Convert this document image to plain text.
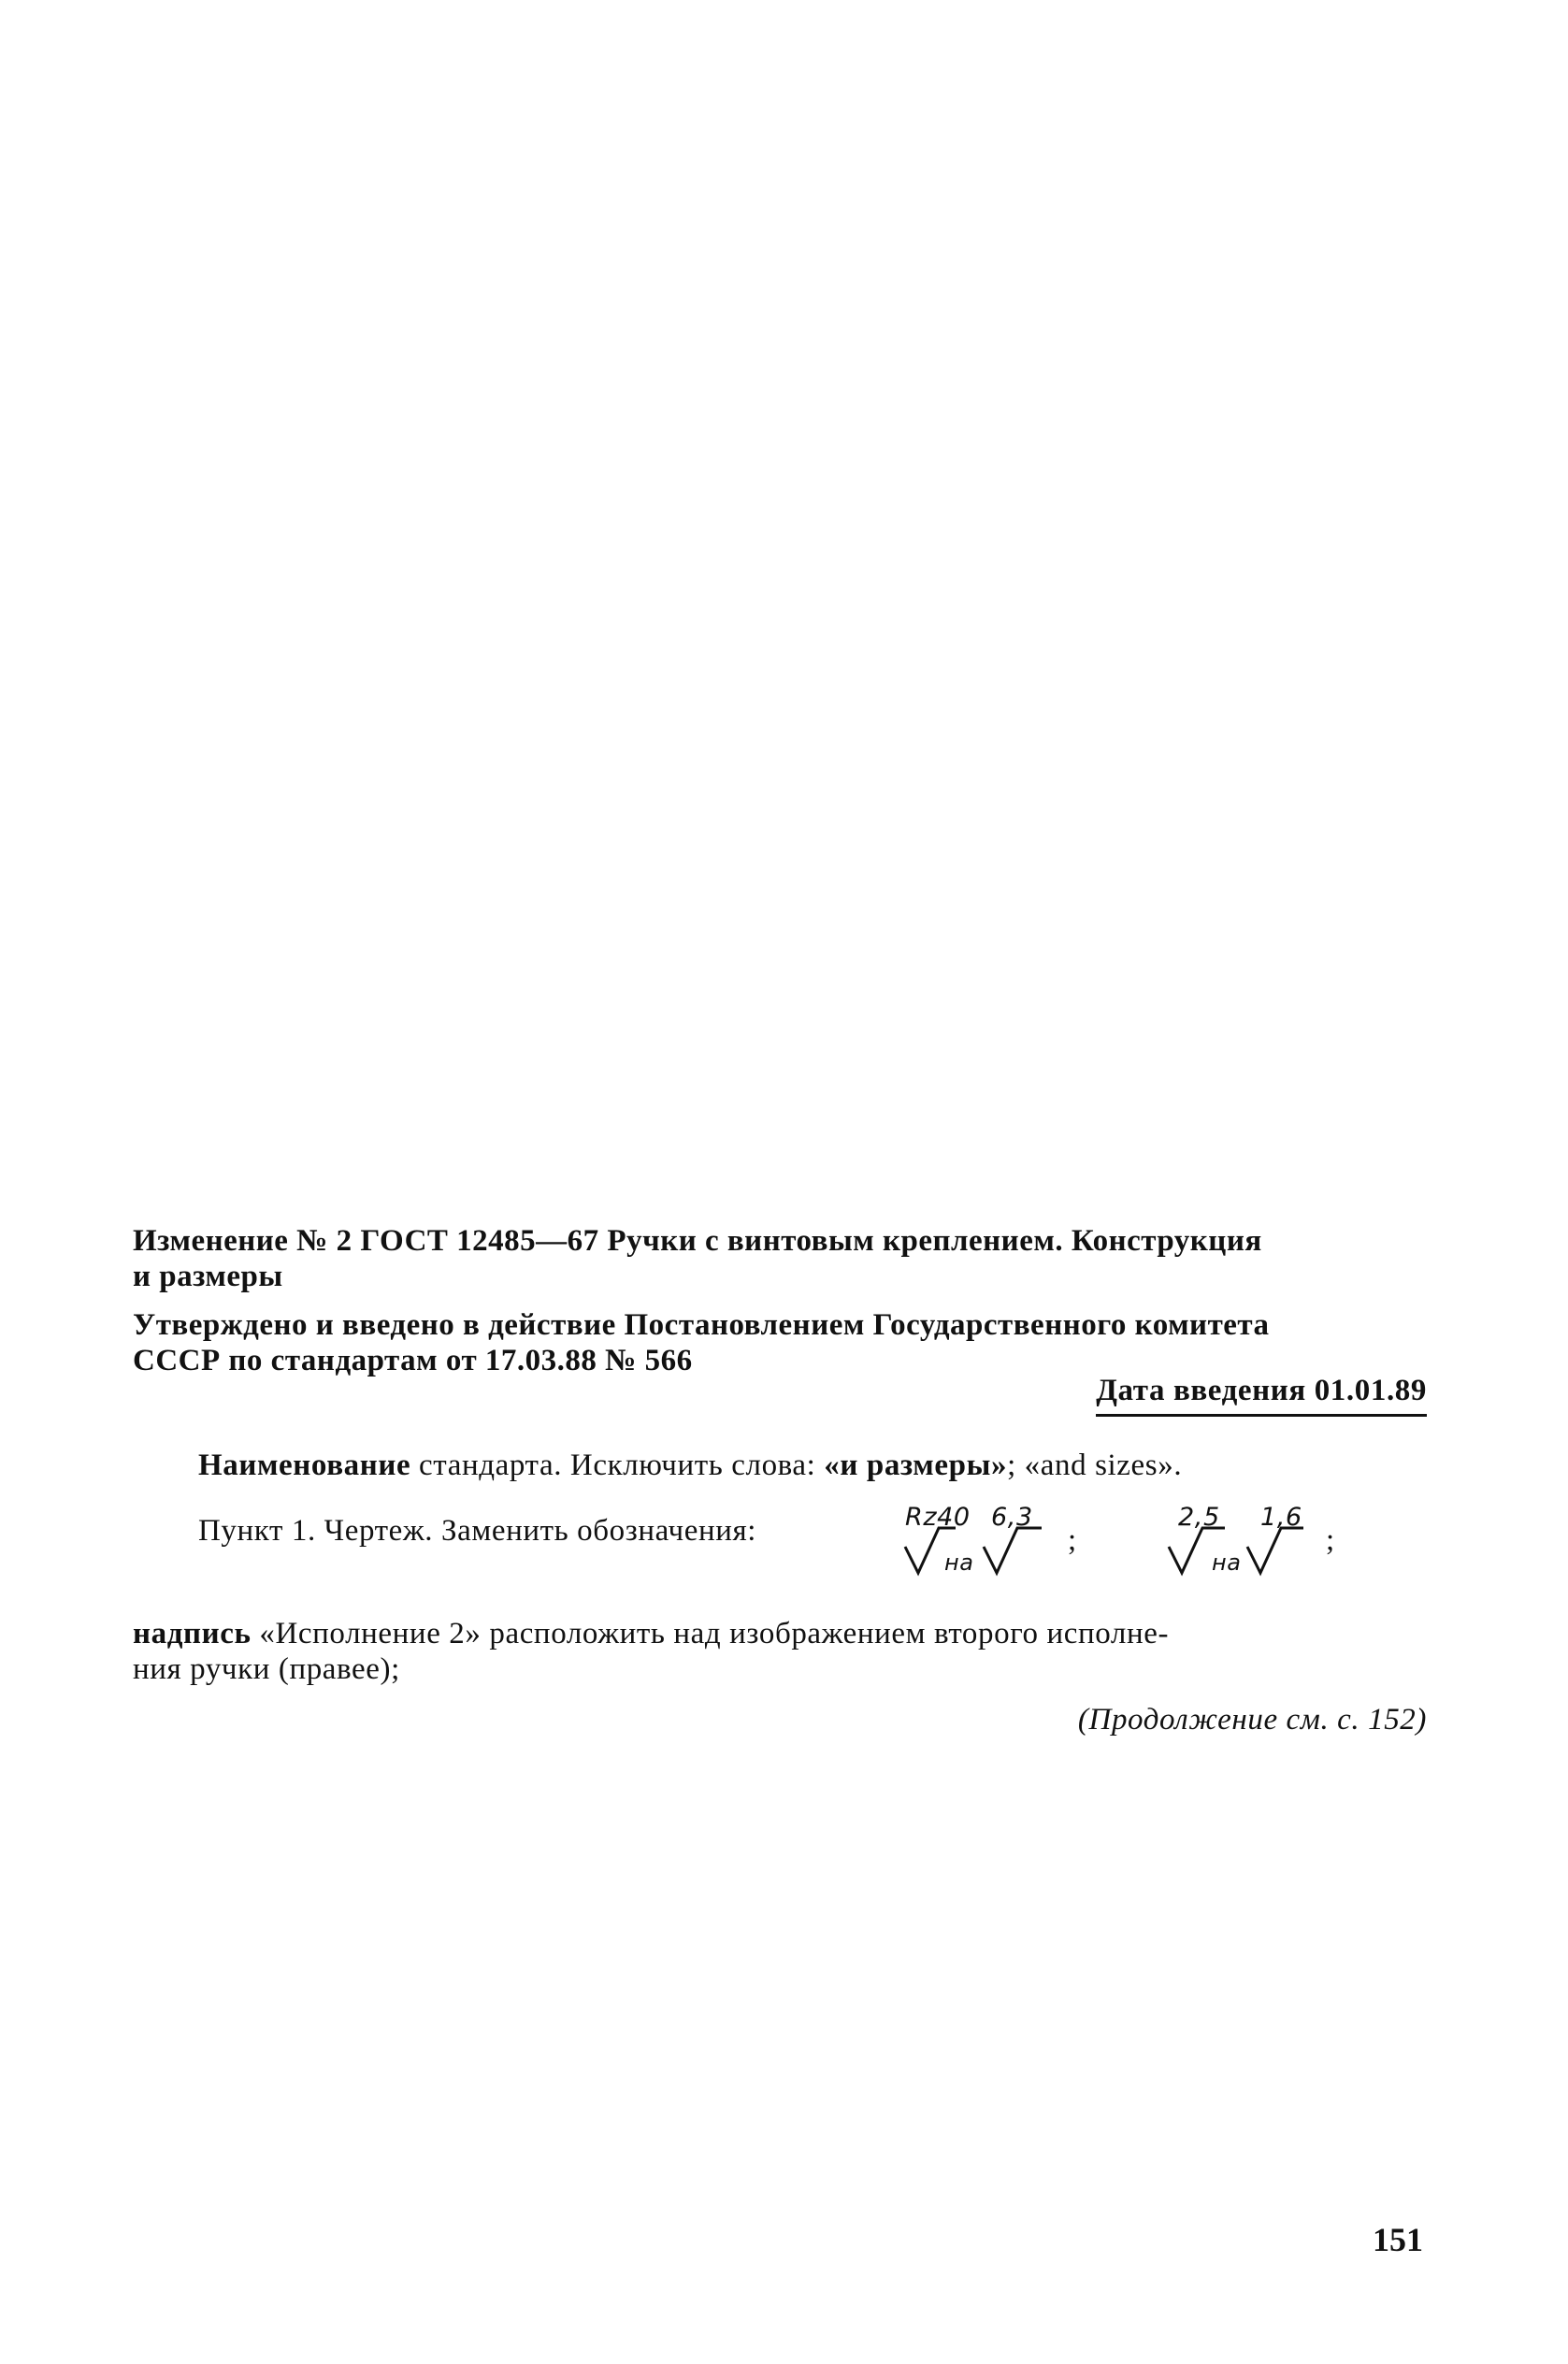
Изменение № 2 ГОСТ 12485—67 Ручки с винтовым креплением. Конструкция
и размеры
Утверждено и введено в действие Постановлением Государственного комитета
СССР по стандартам от 17.03.88 № 566
Дата введения 01.01.89
Наименование стандарта. Исключить слова: «и размеры»; «and sizes».
Пункт 1. Чертеж. Заменить обозначения:	Rz40
на
6,3
;
2,5
на
1,6
;
надпись «Исполнение 2» расположить над изображением второго исполне-
ния ручки (правее);
(Продолжение см. с. 152)
151
